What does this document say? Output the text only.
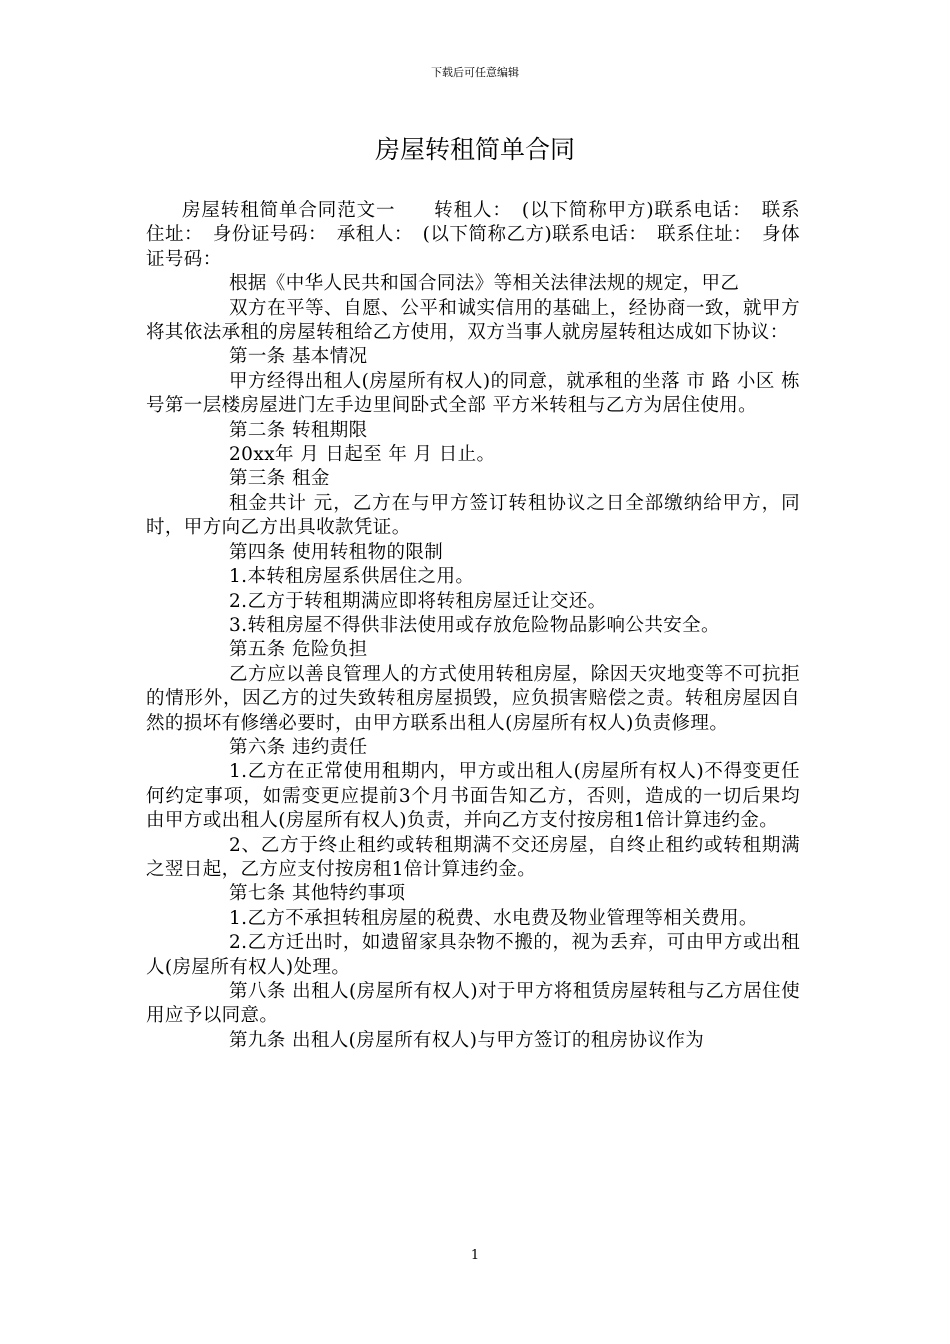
下载后可任意编辑
房屋转租简单合同

房屋转租简单合同范文一　　转租人：　(以下简称甲方)联系电话：　联系住址：　身份证号码：　承租人：　(以下简称乙方)联系电话：　联系住址：　身体证号码：

根据《中华人民共和国合同法》等相关法律法规的规定，甲乙

双方在平等、自愿、公平和诚实信用的基础上，经协商一致，就甲方将其依法承租的房屋转租给乙方使用，双方当事人就房屋转租达成如下协议：

第一条 基本情况

甲方经得出租人(房屋所有权人)的同意，就承租的坐落 市 路 小区 栋 号第一层楼房屋进门左手边里间卧式全部 平方米转租与乙方为居住使用。

第二条 转租期限

20xx年 月 日起至 年 月 日止。

第三条 租金

租金共计 元，乙方在与甲方签订转租协议之日全部缴纳给甲方，同时，甲方向乙方出具收款凭证。

第四条 使用转租物的限制

1.本转租房屋系供居住之用。

2.乙方于转租期满应即将转租房屋迁让交还。

3.转租房屋不得供非法使用或存放危险物品影响公共安全。

第五条 危险负担

乙方应以善良管理人的方式使用转租房屋，除因天灾地变等不可抗拒的情形外，因乙方的过失致转租房屋损毁，应负损害赔偿之责。转租房屋因自然的损坏有修缮必要时，由甲方联系出租人(房屋所有权人)负责修理。

第六条 违约责任

1.乙方在正常使用租期内，甲方或出租人(房屋所有权人)不得变更任何约定事项，如需变更应提前3个月书面告知乙方，否则，造成的一切后果均由甲方或出租人(房屋所有权人)负责，并向乙方支付按房租1倍计算违约金。

2、乙方于终止租约或转租期满不交还房屋，自终止租约或转租期满之翌日起，乙方应支付按房租1倍计算违约金。

第七条 其他特约事项

1.乙方不承担转租房屋的税费、水电费及物业管理等相关费用。

2.乙方迁出时，如遗留家具杂物不搬的，视为丢弃，可由甲方或出租人(房屋所有权人)处理。

第八条 出租人(房屋所有权人)对于甲方将租赁房屋转租与乙方居住使用应予以同意。

第九条 出租人(房屋所有权人)与甲方签订的租房协议作为

1
